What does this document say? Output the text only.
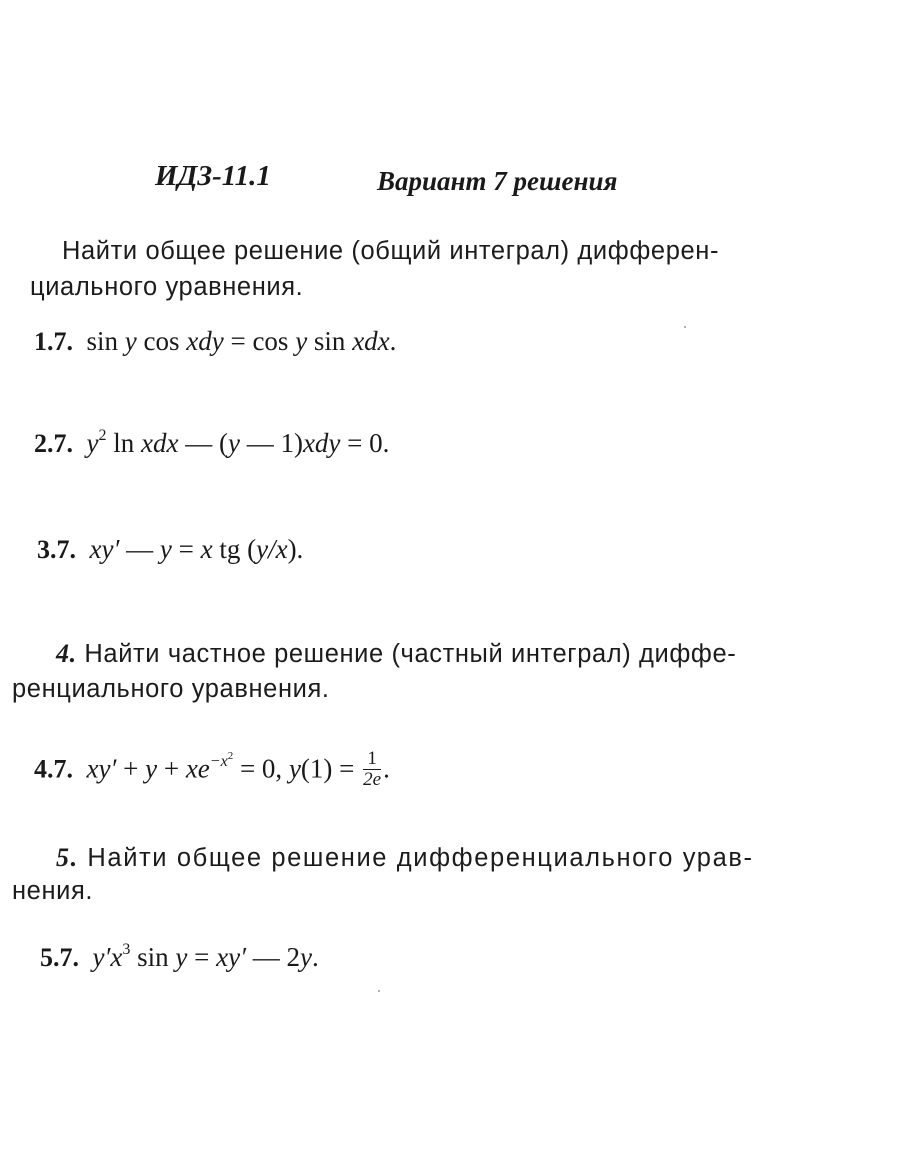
ИДЗ-11.1	Вариант 7 решения
Найти общее решение (общий интеграл) дифферен-
циального уравнения.
1.7. sin y cos xdy = cos y sin xdx.
2.7. $y^2$ ln xdx — (y — 1)xdy = 0.
3.7. xy′ — y = x tg (y/x).
4. Найти частное решение (частный интеграл) диффе-
ренциального уравнения.
4.7. $xy' + y + xe^{-x^2} = 0$, $y(1) = \frac{1}{2e}$ .
5. Найти общее решение дифференциального урав-
нения.
5.7. $y'x^3$ sin y = xy′ — 2y.
